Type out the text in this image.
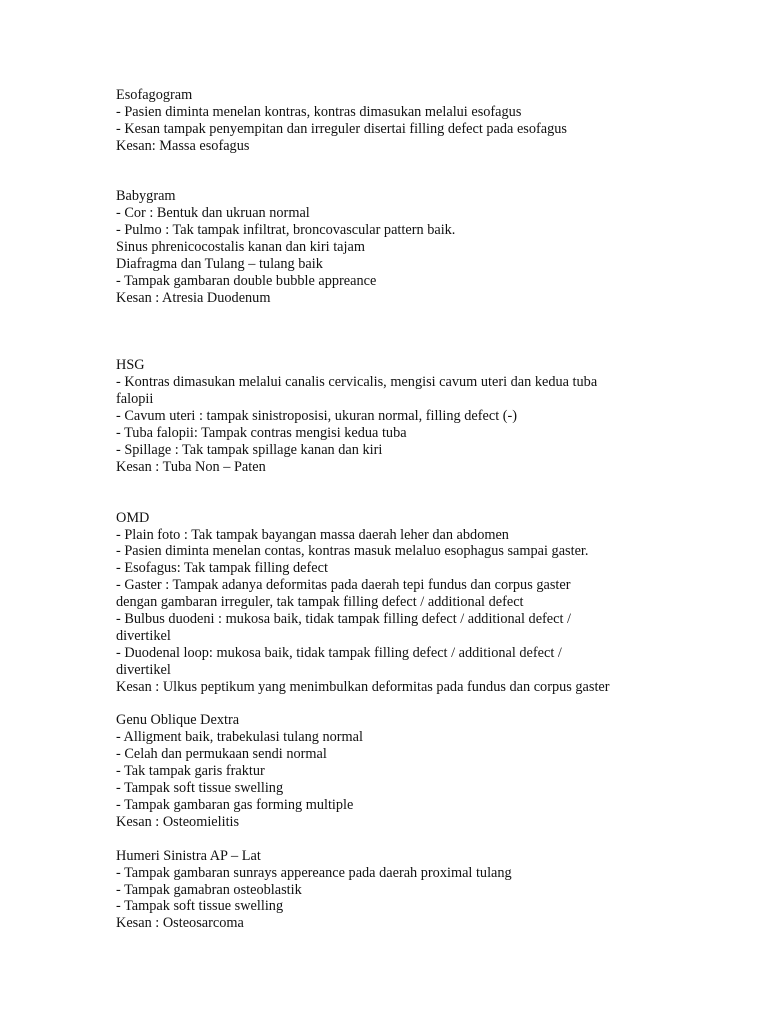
Esofagogram
- Pasien diminta menelan kontras, kontras dimasukan melalui esofagus
- Kesan tampak penyempitan dan irreguler disertai filling defect pada esofagus
Kesan: Massa esofagus
Babygram
- Cor : Bentuk dan ukruan normal
- Pulmo : Tak tampak infiltrat, broncovascular pattern baik.
Sinus phrenicocostalis kanan dan kiri tajam
Diafragma dan Tulang – tulang baik
- Tampak gambaran double bubble appreance
Kesan : Atresia Duodenum
HSG
- Kontras dimasukan melalui canalis cervicalis, mengisi cavum uteri dan kedua tuba
falopii
- Cavum uteri : tampak sinistroposisi, ukuran normal, filling defect (-)
- Tuba falopii: Tampak contras mengisi kedua tuba
- Spillage : Tak tampak spillage kanan dan kiri
Kesan : Tuba Non – Paten
OMD
- Plain foto : Tak tampak bayangan massa daerah leher dan abdomen
- Pasien diminta menelan contas, kontras masuk melaluo esophagus sampai gaster.
- Esofagus: Tak tampak filling defect
- Gaster : Tampak adanya deformitas pada daerah tepi fundus dan corpus gaster
dengan gambaran irreguler, tak tampak filling defect / additional defect
- Bulbus duodeni : mukosa baik, tidak tampak filling defect / additional defect /
divertikel
- Duodenal loop: mukosa baik, tidak tampak filling defect / additional defect /
divertikel
Kesan : Ulkus peptikum yang menimbulkan deformitas pada fundus dan corpus gaster
Genu Oblique Dextra
- Alligment baik, trabekulasi tulang normal
- Celah dan permukaan sendi normal
- Tak tampak garis fraktur
- Tampak soft tissue swelling
- Tampak gambaran gas forming multiple
Kesan : Osteomielitis
Humeri Sinistra AP – Lat
- Tampak gambaran sunrays appereance pada daerah proximal tulang
- Tampak gamabran osteoblastik
- Tampak soft tissue swelling
Kesan : Osteosarcoma
